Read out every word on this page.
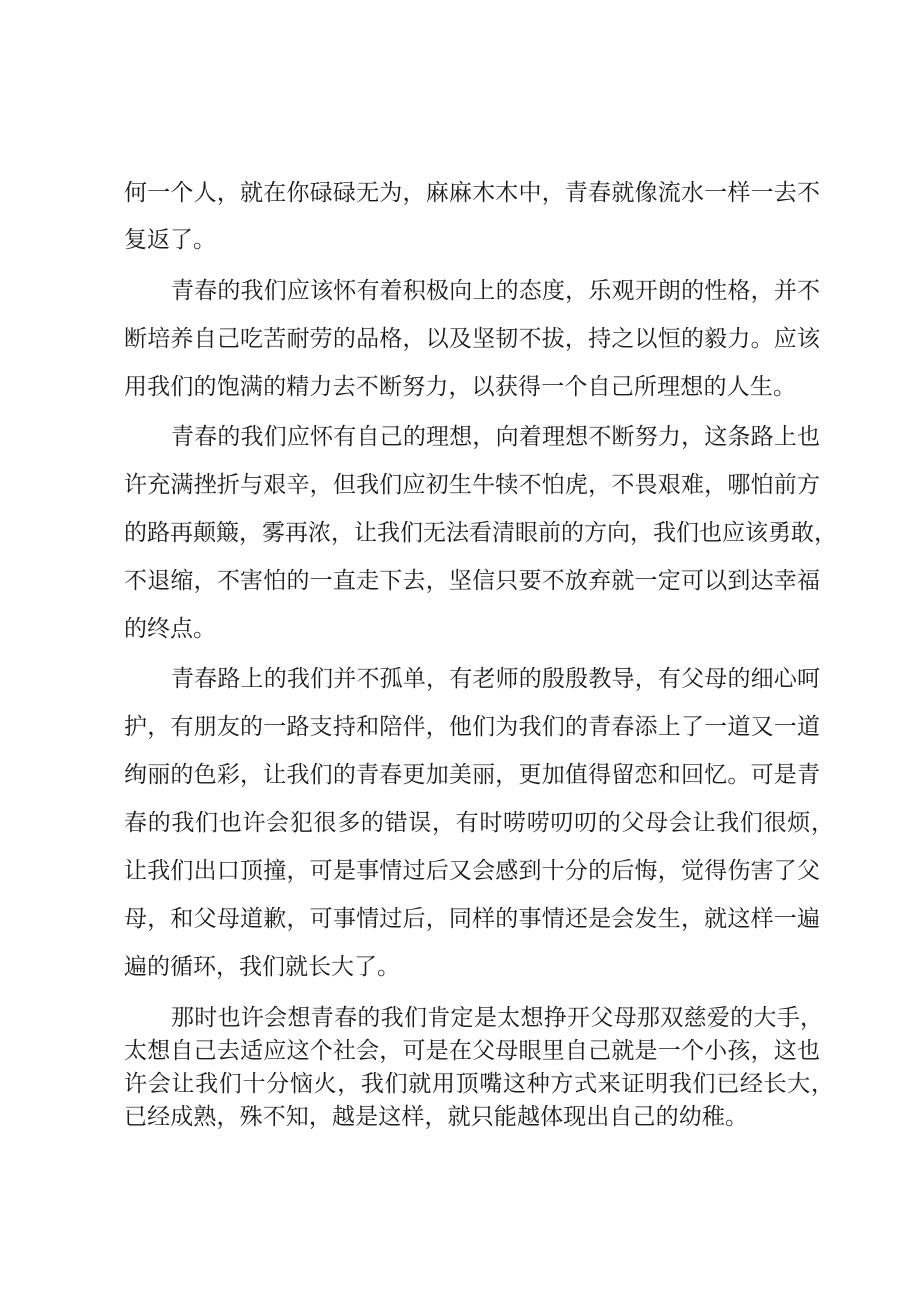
何一个人，就在你碌碌无为，麻麻木木中，青春就像流水一样一去不
复返了。
青春的我们应该怀有着积极向上的态度，乐观开朗的性格，并不
断培养自己吃苦耐劳的品格，以及坚韧不拔，持之以恒的毅力。应该
用我们的饱满的精力去不断努力，以获得一个自己所理想的人生。
青春的我们应怀有自己的理想，向着理想不断努力，这条路上也
许充满挫折与艰辛，但我们应初生牛犊不怕虎，不畏艰难，哪怕前方
的路再颠簸，雾再浓，让我们无法看清眼前的方向，我们也应该勇敢，
不退缩，不害怕的一直走下去，坚信只要不放弃就一定可以到达幸福
的终点。
青春路上的我们并不孤单，有老师的殷殷教导，有父母的细心呵
护，有朋友的一路支持和陪伴，他们为我们的青春添上了一道又一道
绚丽的色彩，让我们的青春更加美丽，更加值得留恋和回忆。可是青
春的我们也许会犯很多的错误，有时唠唠叨叨的父母会让我们很烦，
让我们出口顶撞，可是事情过后又会感到十分的后悔，觉得伤害了父
母，和父母道歉，可事情过后，同样的事情还是会发生，就这样一遍
遍的循环，我们就长大了。
那时也许会想青春的我们肯定是太想挣开父母那双慈爱的大手，
太想自己去适应这个社会，可是在父母眼里自己就是一个小孩，这也
许会让我们十分恼火，我们就用顶嘴这种方式来证明我们已经长大，
已经成熟，殊不知，越是这样，就只能越体现出自己的幼稚。
